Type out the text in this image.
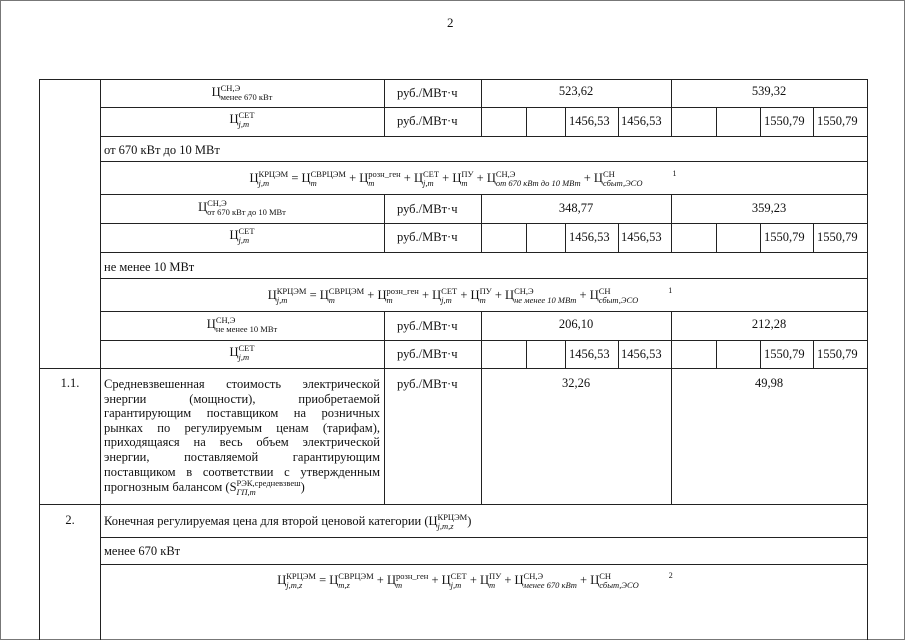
2
Ц СН,Э
менее 670 кВт	руб./МВт·ч	523,62	539,32
Ц СЕТ
j,m	руб./МВт·ч	1456,53 1456,53	1550,79 1550,79
от 670 кВт до 10 МВт
Ц КРЦЭМ
j,m	= Ц СВРЦЭМ
m	+ Ц розн_ген
m	+ Ц СЕТ
j,m + Ц ПУ
m + Ц СН,Э
от 670 кВт до 10 МВт + Ц СН
сбыт,ЭСО
$^1$
Ц СН,Э
от 670 кВт до 10 МВт	руб./МВт·ч	348,77	359,23
Ц СЕТ
j,m	руб./МВт·ч	1456,53 1456,53	1550,79 1550,79
не менее 10 МВт
Ц КРЦЭМ
j,m	= Ц СВРЦЭМ
m	+ Ц розн_ген
m	+ Ц СЕТ
j,m + Ц ПУ
m + Ц СН,Э
не менее 10 МВт + Ц СН
сбыт,ЭСО
$^1$
Ц СН,Э
не менее 10 МВт	руб./МВт·ч	206,10	212,28
Ц СЕТ
j,m	руб./МВт·ч	1456,53 1456,53	1550,79 1550,79
1.1. Средневзвешенная стоимость электрической энергии (мощности), приобретаемой гарантирующим поставщиком на розничных рынках по регулируемым ценам (тарифам), приходящаяся на весь объем электрической энергии, поставляемой гарантирующим поставщиком в соответствии с утвержденным прогнозным балансом (S РЭК,средневзвеш
ГП,m	)
руб./МВт·ч	32,26	49,98
2. Конечная регулируемая цена для второй ценовой категории (Ц КРЦЭМ
j,m,z	)
менее 670 кВт
Ц КРЦЭМ
j,m,z	= Ц СВРЦЭМ
m,z	+ Ц розн_ген
m	+ Ц СЕТ
j,m + Ц ПУ
m + Ц СН,Э
менее 670 кВт + Ц СН
сбыт,ЭСО
$^2$
